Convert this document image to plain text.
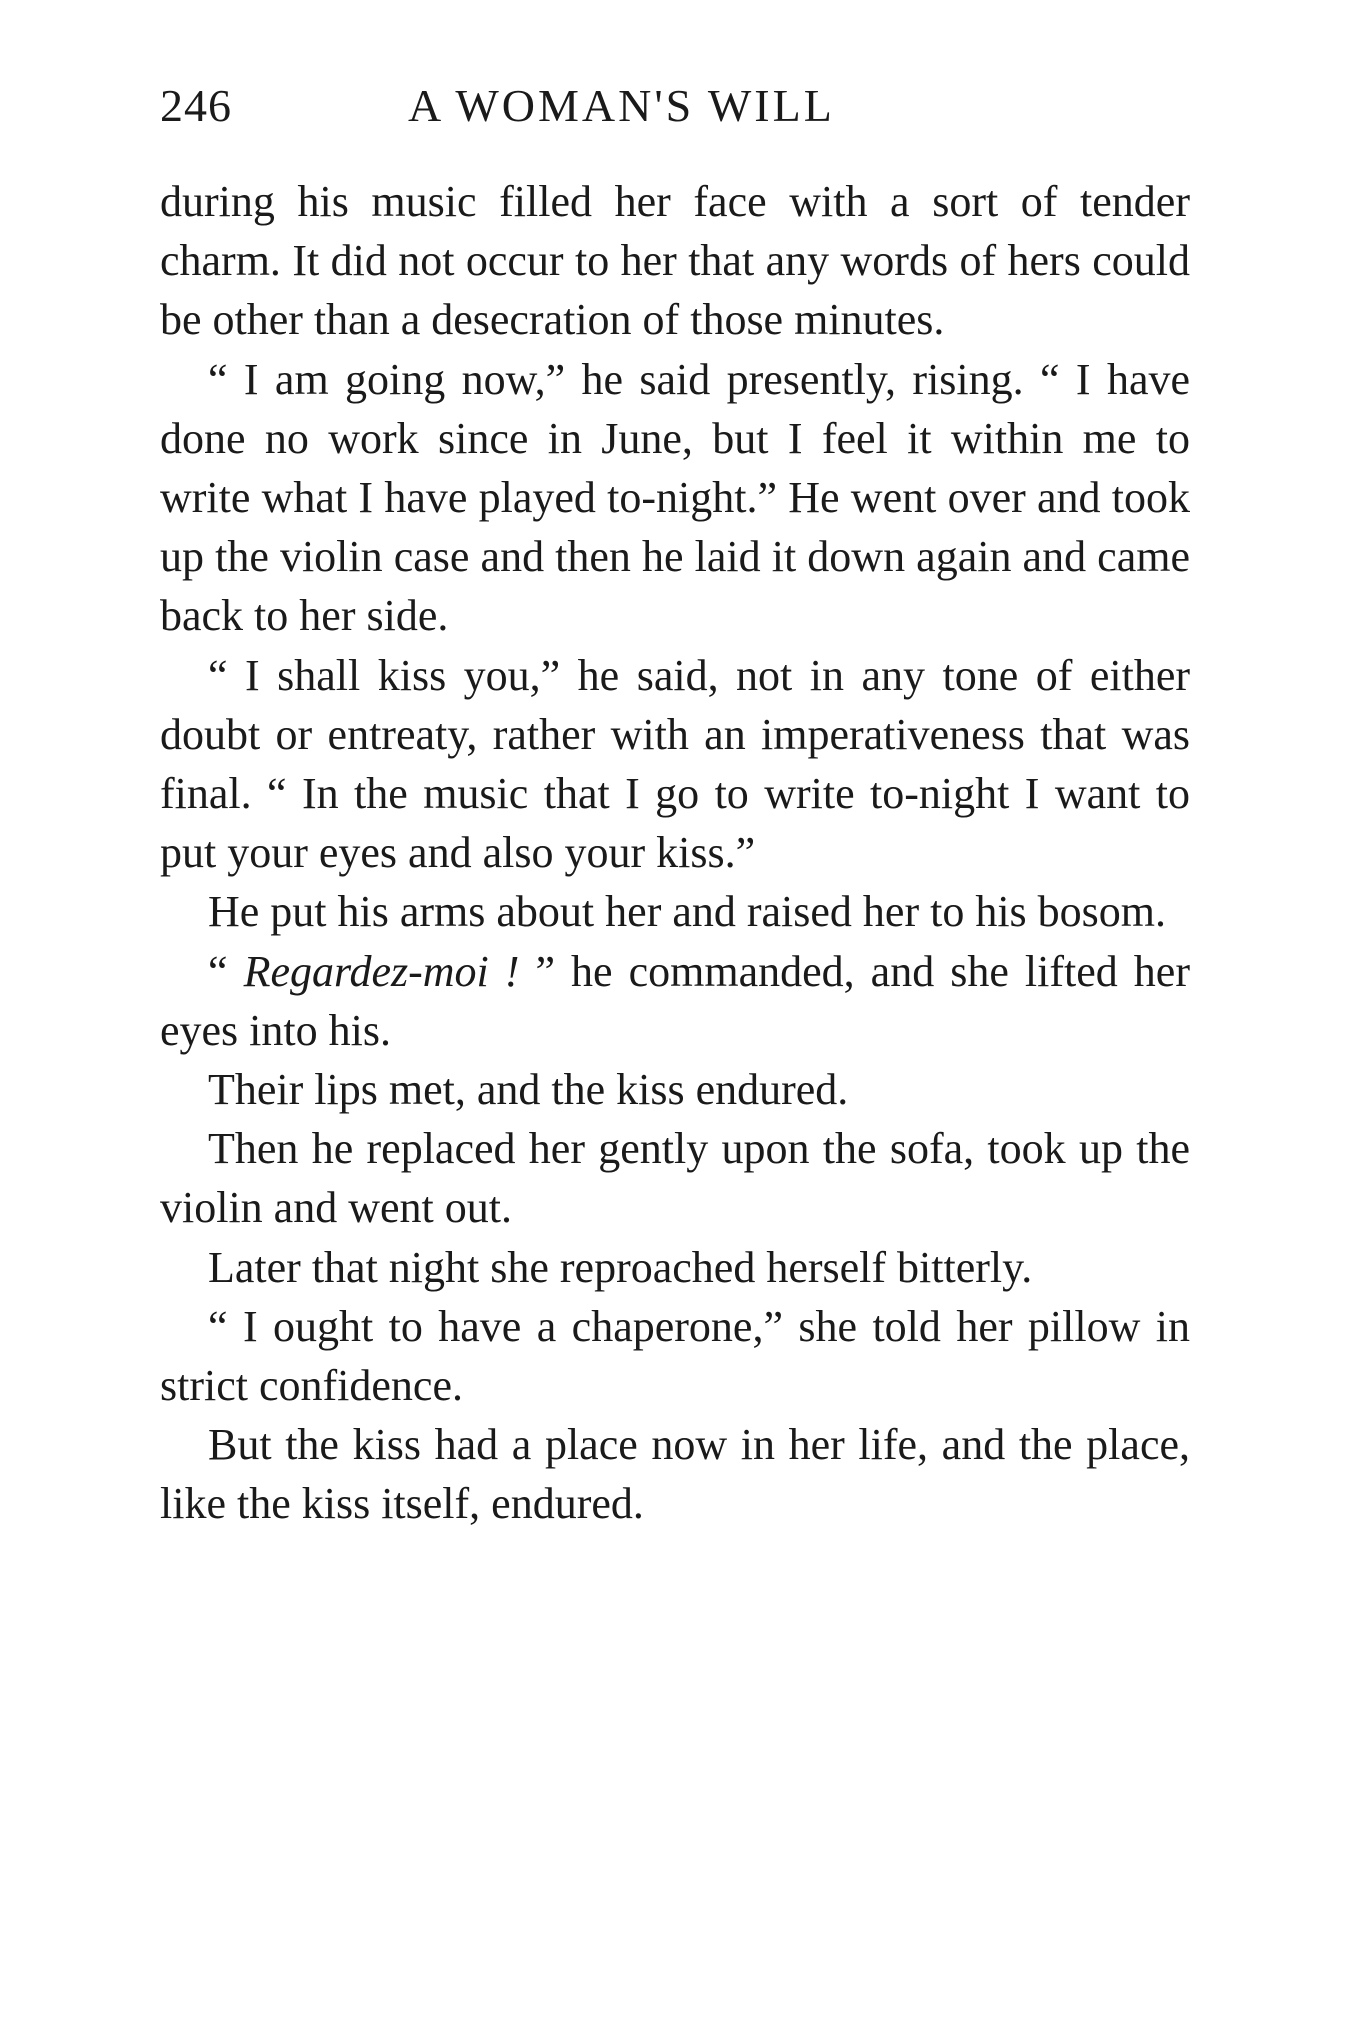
246	A WOMAN'S WILL

during his music filled her face with a sort of tender charm. It did not occur to her that any words of hers could be other than a desecration of those minutes.

“ I am going now,” he said presently, rising. “ I have done no work since in June, but I feel it within me to write what I have played to-night.” He went over and took up the violin case and then he laid it down again and came back to her side.

“ I shall kiss you,” he said, not in any tone of either doubt or entreaty, rather with an imperativeness that was final. “ In the music that I go to write to-night I want to put your eyes and also your kiss.”

He put his arms about her and raised her to his bosom.

“ Regardez-moi ! ” he commanded, and she lifted her eyes into his.

Their lips met, and the kiss endured.

Then he replaced her gently upon the sofa, took up the violin and went out.

Later that night she reproached herself bitterly.

“ I ought to have a chaperone,” she told her pillow in strict confidence.

But the kiss had a place now in her life, and the place, like the kiss itself, endured.
